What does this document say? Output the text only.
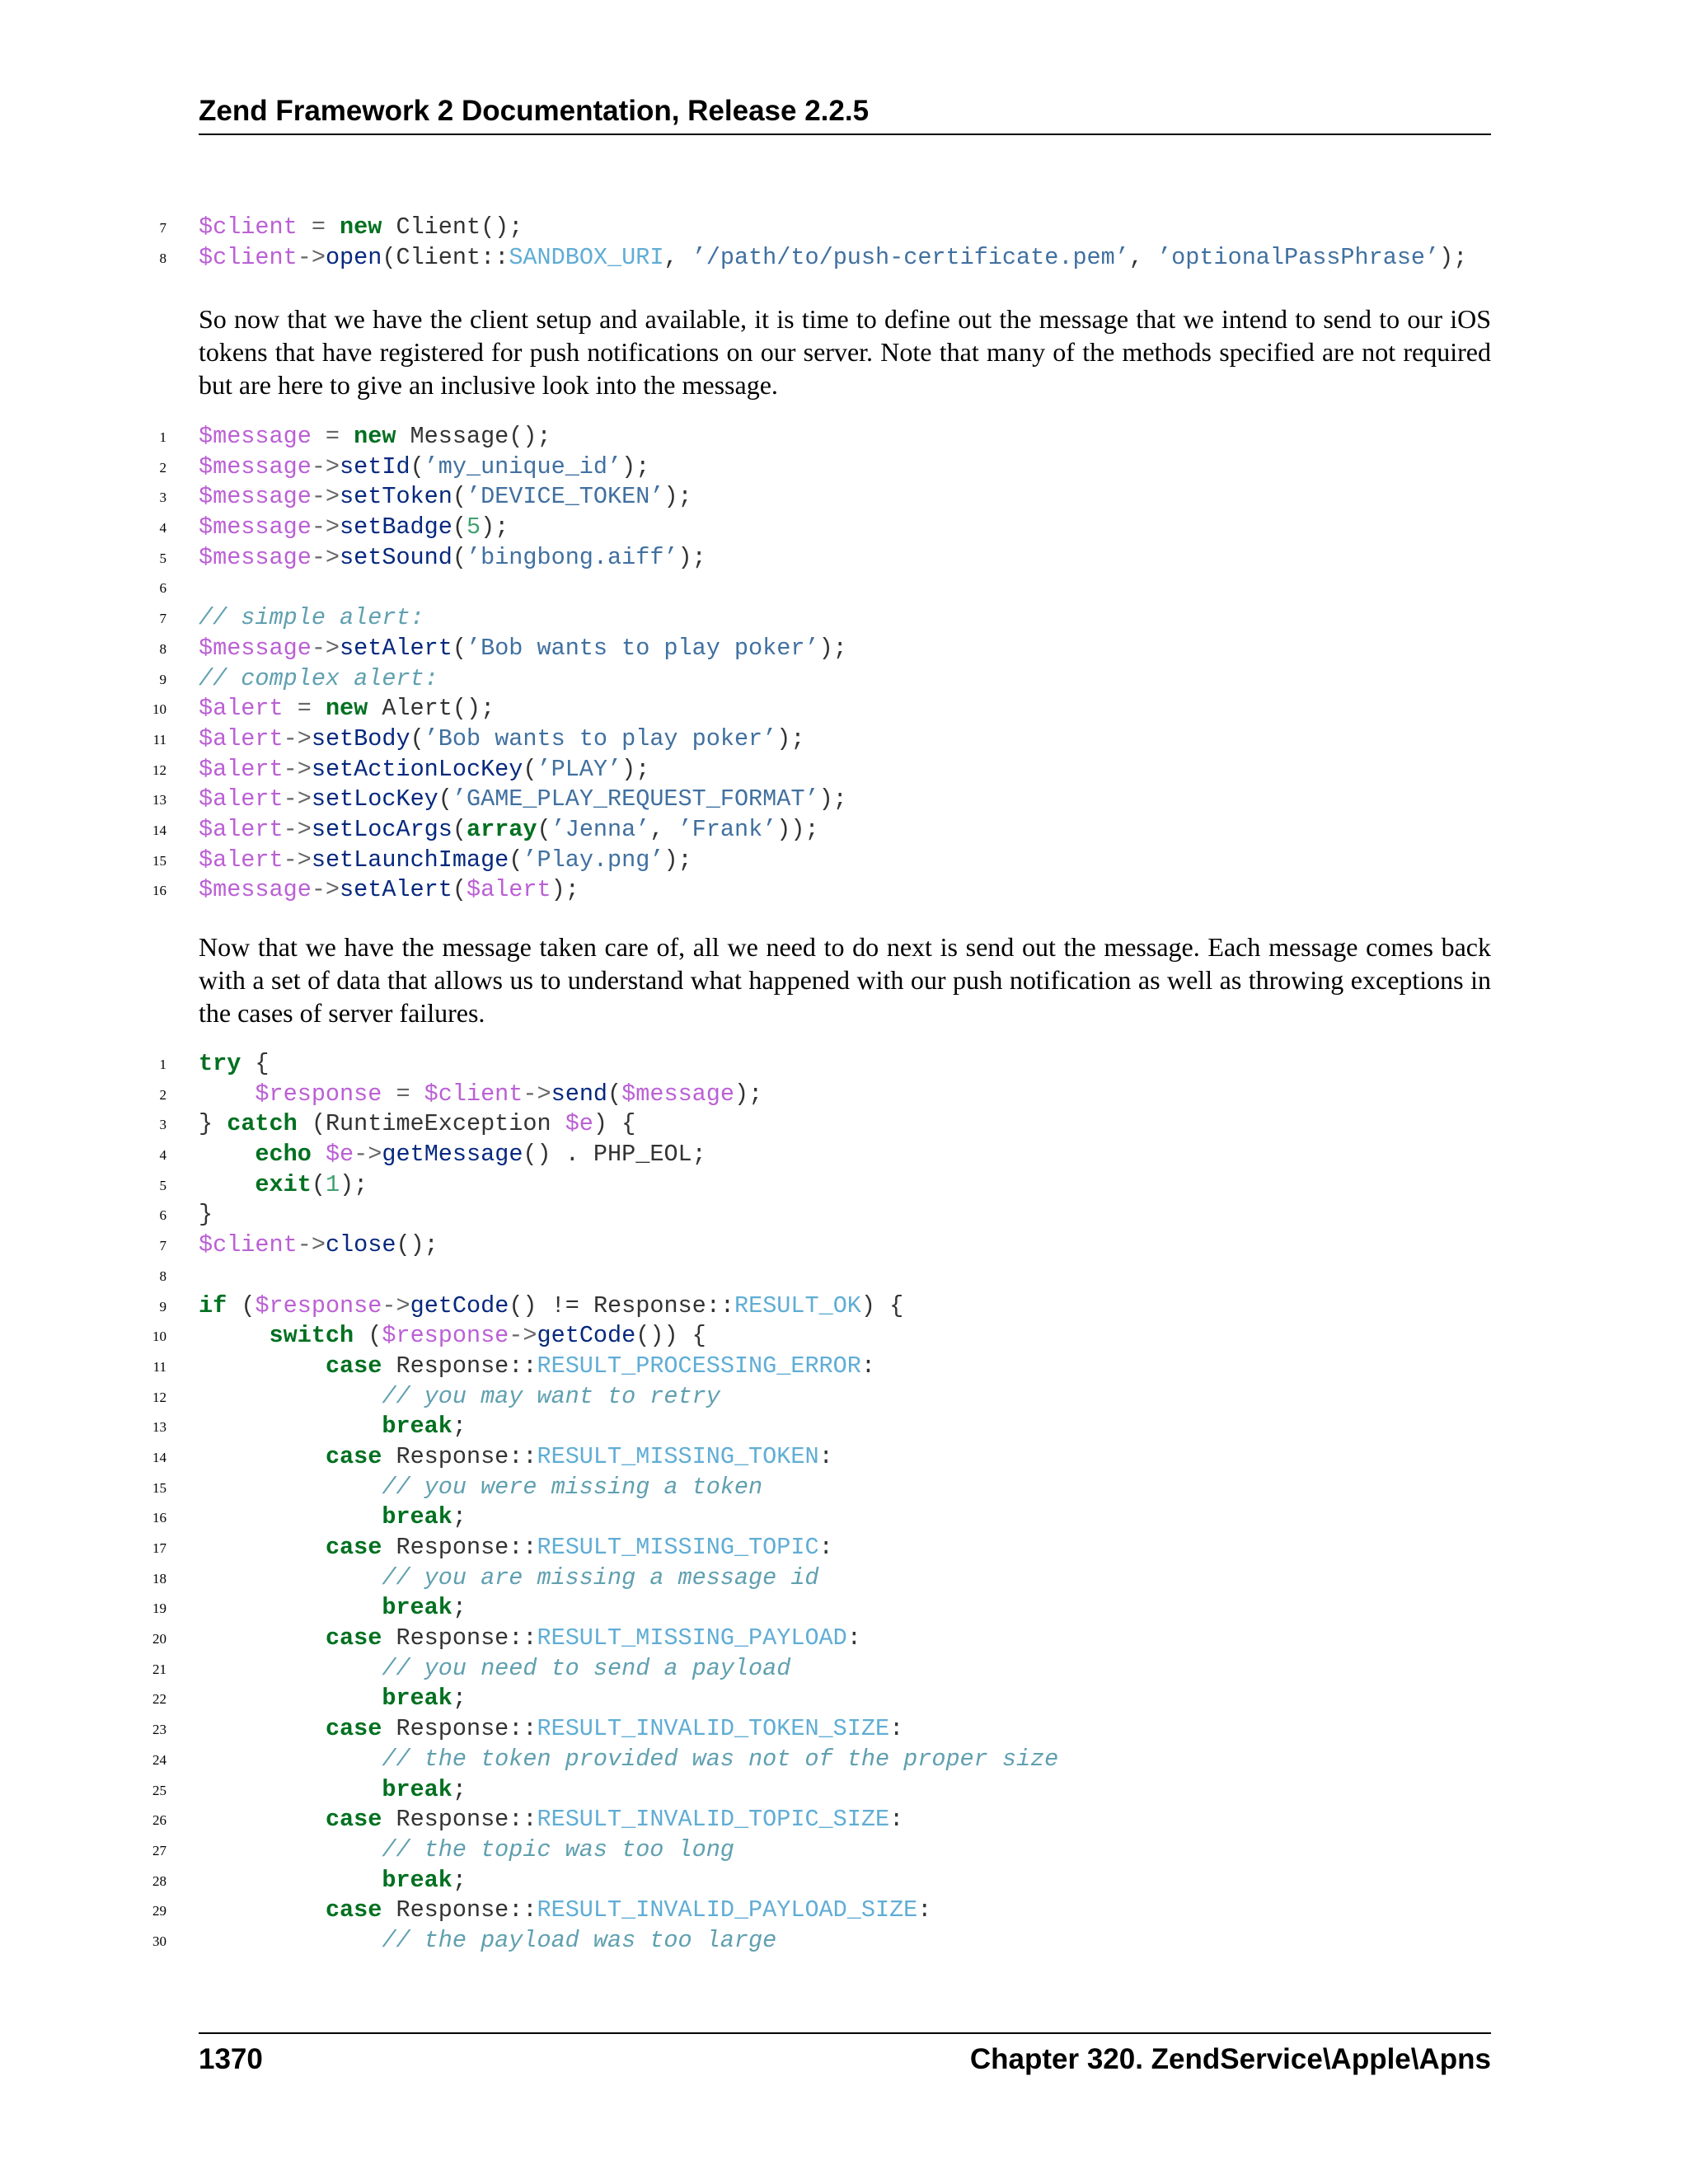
Zend Framework 2 Documentation, Release 2.2.5
7 $client = new Client();
8 $client->open(Client::SANDBOX_URI, ’/path/to/push-certificate.pem’, ’optionalPassPhrase’);
So now that we have the client setup and available, it is time to define out the message that we intend to send to our iOS tokens that have registered for push notifications on our server. Note that many of the methods specified are not required but are here to give an inclusive look into the message.
1 $message = new Message();
2 $message->setId(’my_unique_id’);
3 $message->setToken(’DEVICE_TOKEN’);
4 $message->setBadge(5);
5 $message->setSound(’bingbong.aiff’);
6
7 // simple alert:
8 $message->setAlert(’Bob wants to play poker’);
9 // complex alert:
10 $alert = new Alert();
11 $alert->setBody(’Bob wants to play poker’);
12 $alert->setActionLocKey(’PLAY’);
13 $alert->setLocKey(’GAME_PLAY_REQUEST_FORMAT’);
14 $alert->setLocArgs(array(’Jenna’, ’Frank’));
15 $alert->setLaunchImage(’Play.png’);
16 $message->setAlert($alert);
Now that we have the message taken care of, all we need to do next is send out the message. Each message comes back with a set of data that allows us to understand what happened with our push notification as well as throwing exceptions in the cases of server failures.
1 try {
2	$response = $client->send($message);
3 } catch (RuntimeException $e) {
4	echo $e->getMessage() . PHP_EOL;
5	exit(1);
6 }
7 $client->close();
8
9 if ($response->getCode() != Response::RESULT_OK) {
10	switch ($response->getCode()) {
11	case Response::RESULT_PROCESSING_ERROR:
12	// you may want to retry
13	break;
14	case Response::RESULT_MISSING_TOKEN:
15	// you were missing a token
16	break;
17	case Response::RESULT_MISSING_TOPIC:
18	// you are missing a message id
19	break;
20	case Response::RESULT_MISSING_PAYLOAD:
21	// you need to send a payload
22	break;
23	case Response::RESULT_INVALID_TOKEN_SIZE:
24	// the token provided was not of the proper size
25	break;
26	case Response::RESULT_INVALID_TOPIC_SIZE:
27	// the topic was too long
28	break;
29	case Response::RESULT_INVALID_PAYLOAD_SIZE:
30	// the payload was too large
1370	Chapter 320. ZendService\Apple\Apns
